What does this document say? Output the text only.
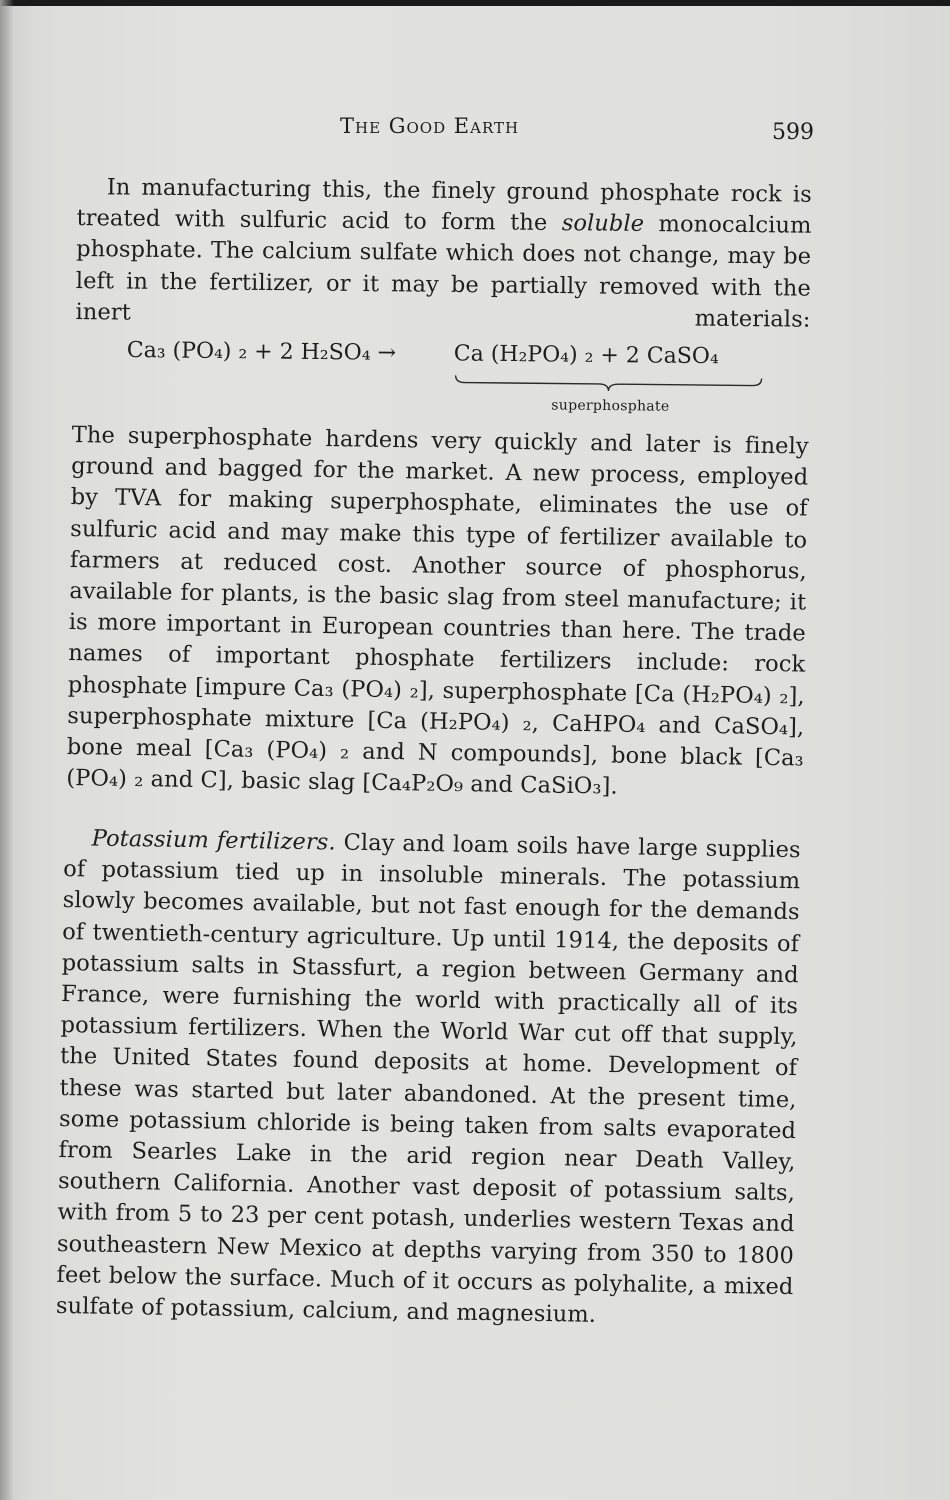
The Good Earth	599
In manufacturing this, the finely ground phosphate rock is treated with sulfuric acid to form the soluble monocalcium phosphate. The calcium sulfate which does not change, may be left in the fertilizer, or it may be partially removed with the inert materials:
Ca₃ (PO₄) ₂ + 2 H₂SO₄ →	Ca (H₂PO₄) ₂ + 2 CaSO₄
superphosphate
The superphosphate hardens very quickly and later is finely ground and bagged for the market. A new process, employed by TVA for making superphosphate, eliminates the use of sulfuric acid and may make this type of fertilizer available to farmers at reduced cost. Another source of phosphorus, available for plants, is the basic slag from steel manufacture; it is more important in European countries than here. The trade names of important phosphate fertilizers include: rock phosphate [impure Ca₃ (PO₄) ₂], superphosphate [Ca (H₂PO₄) ₂], superphosphate mixture [Ca (H₂PO₄) ₂, CaHPO₄ and CaSO₄], bone meal [Ca₃ (PO₄) ₂ and N compounds], bone black [Ca₃ (PO₄) ₂ and C], basic slag [Ca₄P₂O₉ and CaSiO₃].
Potassium fertilizers. Clay and loam soils have large supplies of potassium tied up in insoluble minerals. The potassium slowly becomes available, but not fast enough for the demands of twentieth-century agriculture. Up until 1914, the deposits of potassium salts in Stassfurt, a region between Germany and France, were furnishing the world with practically all of its potassium fertilizers. When the World War cut off that supply, the United States found deposits at home. Development of these was started but later abandoned. At the present time, some potassium chloride is being taken from salts evaporated from Searles Lake in the arid region near Death Valley, southern California. Another vast deposit of potassium salts, with from 5 to 23 per cent potash, underlies western Texas and southeastern New Mexico at depths varying from 350 to 1800 feet below the surface. Much of it occurs as polyhalite, a mixed sulfate of potassium, calcium, and magnesium.
